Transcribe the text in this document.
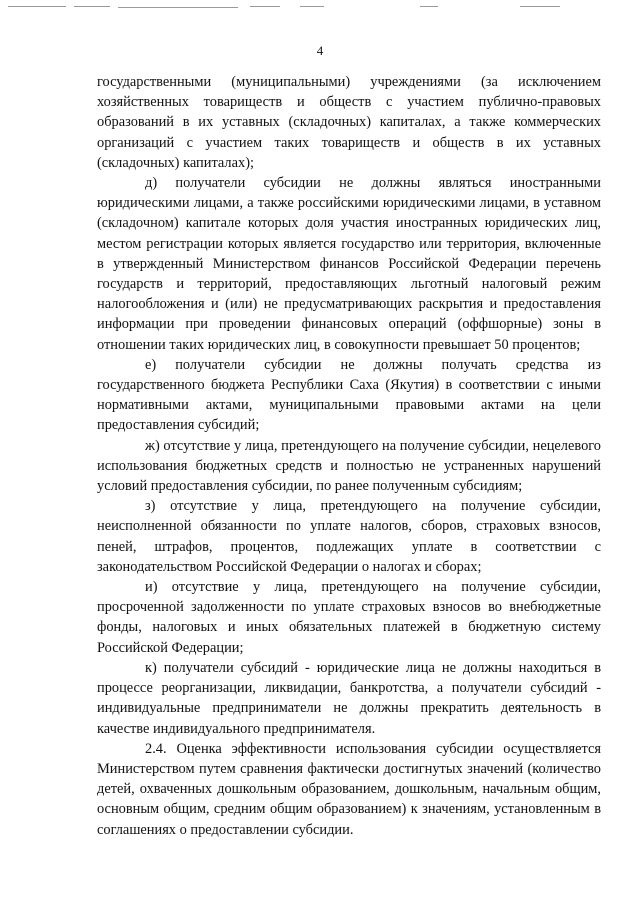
4

государственными (муниципальными) учреждениями (за исключением хозяйственных товариществ и обществ с участием публично-правовых образований в их уставных (складочных) капиталах, а также коммерческих организаций с участием таких товариществ и обществ в их уставных (складочных) капиталах);

д) получатели субсидии не должны являться иностранными юридическими лицами, а также российскими юридическими лицами, в уставном (складочном) капитале которых доля участия иностранных юридических лиц, местом регистрации которых является государство или территория, включенные в утвержденный Министерством финансов Российской Федерации перечень государств и территорий, предоставляющих льготный налоговый режим налогообложения и (или) не предусматривающих раскрытия и предоставления информации при проведении финансовых операций (оффшорные) зоны в отношении таких юридических лиц, в совокупности превышает 50 процентов;

е) получатели субсидии не должны получать средства из государственного бюджета Республики Саха (Якутия) в соответствии с иными нормативными актами, муниципальными правовыми актами на цели предоставления субсидий;

ж) отсутствие у лица, претендующего на получение субсидии, нецелевого использования бюджетных средств и полностью не устраненных нарушений условий предоставления субсидии, по ранее полученным субсидиям;

з) отсутствие у лица, претендующего на получение субсидии, неисполненной обязанности по уплате налогов, сборов, страховых взносов, пеней, штрафов, процентов, подлежащих уплате в соответствии с законодательством Российской Федерации о налогах и сборах;

и) отсутствие у лица, претендующего на получение субсидии, просроченной задолженности по уплате страховых взносов во внебюджетные фонды, налоговых и иных обязательных платежей в бюджетную систему Российской Федерации;

к) получатели субсидий - юридические лица не должны находиться в процессе реорганизации, ликвидации, банкротства, а получатели субсидий - индивидуальные предприниматели не должны прекратить деятельность в качестве индивидуального предпринимателя.

2.4. Оценка эффективности использования субсидии осуществляется Министерством путем сравнения фактически достигнутых значений (количество детей, охваченных дошкольным образованием, дошкольным, начальным общим, основным общим, средним общим образованием) к значениям, установленным в соглашениях о предоставлении субсидии.
